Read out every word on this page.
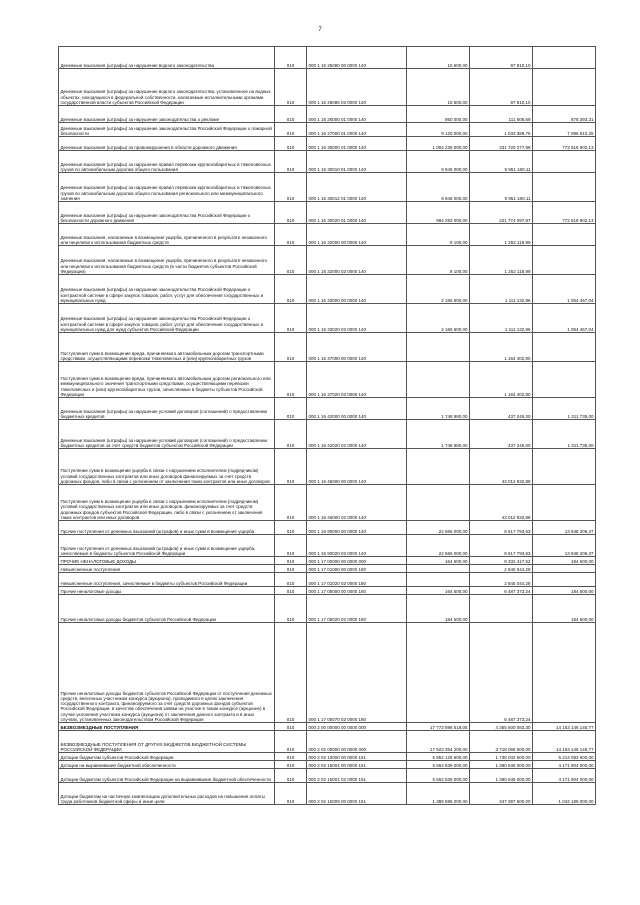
7
Денежные взыскания (штрафы) за нарушение водного законодательства	010	000 1 16 25080 00 0000 140	15 600,00	87 810,10	
Денежные взыскания (штрафы) за нарушение водного законодательства, установленное на водных объектах, находящихся в федеральной собственности, налагаемые исполнительными органами государственной власти субъектов Российской Федерации	010	000 1 16 25086 02 0000 140	15 600,00	87 810,10	
Денежные взыскания (штрафы) за нарушение законодательства о рекламе	010	000 1 16 26000 01 0000 140	950 000,00	111 606,69	878 393,31
Денежные взыскания (штрафы) за нарушение законодательства Российской Федерации о пожарной безопасности	010	000 1 16 27000 01 0000 140	9 120 000,00	1 033 389,75	7 086 610,25
Денежные взыскания (штрафы) за правонарушения в области дорожного движения	010	000 1 16 30000 01 0000 140	1 004 239 000,00	231 720 277,98	772 518 902,13
Денежные взыскания (штрафы) за нарушение правил перевозки крупногабаритных и тяжеловесных грузов по автомобильным дорогам общего пользования	010	000 1 16 30010 01 0000 140	9 946 000,00	9 951 180,11	
Денежные взыскания (штрафы) за нарушение правил перевозки крупногабаритных и тяжеловесных грузов по автомобильным дорогам общего пользования регионального или межмуниципального значения	010	000 1 16 30012 01 0000 140	9 946 000,00	9 951 180,11	
Денежные взыскания (штрафы) за нарушение законодательства Российской Федерации о безопасности дорожного движения	010	000 1 16 30020 01 0000 140	994 293 000,00	221 774 097,87	772 518 902,13
Денежные взыскания, налагаемые в возмещение ущерба, причиненного в результате незаконного или нецелевого использования бюджетных средств	010	000 1 16 32000 00 0000 140	8 100,00	1 252 118,99	
Денежные взыскания, налагаемые в возмещение ущерба, причиненного в результате незаконного или нецелевого использования бюджетных средств (в части бюджетов субъектов Российской Федерации)	010	000 1 16 32000 02 0000 140	8 100,00	1 252 118,99	
Денежные взыскания (штрафы) за нарушение законодательства Российской Федерации о контрактной системе в сфере закупок товаров, работ, услуг для обеспечения государственных и муниципальных нужд	010	000 1 16 33000 00 0000 140	2 165 600,00	1 111 132,96	1 054 467,04
Денежные взыскания (штрафы) за нарушение законодательства Российской Федерации о контрактной системе в сфере закупок товаров, работ, услуг для обеспечения государственных и муниципальных нужд для нужд субъектов Российской Федерации	010	000 1 16 33020 02 0000 140	2 165 600,00	1 111 132,96	1 054 467,04
Поступления сумм в возмещение вреда, причиняемого автомобильным дорогам транспортными средствами, осуществляющими перевозки тяжеловесных и (или) крупногабаритных грузов	010	000 1 16 37000 00 0000 140		1 164 402,80	
Поступления сумм в возмещение вреда, причиняемого автомобильным дорогам регионального или межмуниципального значения транспортными средствами, осуществляющими перевозки тяжеловесных и (или) крупногабаритных грузов, зачисляемые в бюджеты субъектов Российской Федерации	010	000 1 16 37020 02 0000 140		1 164 402,80	
Денежные взыскания (штрафы) за нарушение условий договоров (соглашений) о предоставлении бюджетных кредитов	010	000 1 16 42000 00 0000 140	1 748 980,00	437 245,00	1 311 735,00
Денежные взыскания (штрафы) за нарушение условий договоров (соглашений) о предоставлении бюджетных кредитов за счет средств бюджетов субъектов Российской Федерации	010	000 1 16 42020 02 0000 140	1 748 980,00	437 245,00	1 311 735,00
Поступление сумм в возмещение ущерба в связи с нарушением исполнителем (подрядчиком) условий государственных контрактов или иных договоров финансируемых за счет средств дорожных фондов, либо в связи с уклонением от заключения таких контрактов или иных договоров	010	000 1 16 46000 00 0000 140		43 012 932,88	
Поступление сумм в возмещение ущерба в связи с нарушением исполнителем (подрядчиком) условий государственных контрактов или иных договоров, финансируемых за счет средств дорожных фондов субъектов Российской Федерации, либо в связи с уклонением от заключения таких контрактов или иных договоров	010	000 1 16 46000 02 0000 140		43 012 932,88	
Прочие поступления от денежных взысканий (штрафов) и иных сумм в возмещение ущерба	010	000 1 16 90000 00 0000 140	22 566 000,00	8 617 793,63	13 948 206,37
Прочие поступления от денежных взысканий (штрафов) и иных сумм в возмещение ущерба, зачисляемые в бюджеты субъектов Российской Федерации	010	000 1 16 90020 02 0000 140	22 566 000,00	8 617 793,63	13 948 206,37
ПРОЧИЕ НЕНАЛОГОВЫЕ ДОХОДЫ	010	000 1 17 00000 00 0000 000	164 500,00	9 332 417,52	184 500,00
Невыясненные поступления	010	000 1 17 01000 00 0000 180		2 845 044,28	
Невыясненные поступления, зачисляемые в бюджеты субъектов Российской Федерации	010	000 1 17 01020 02 0000 180		2 845 044,28	
Прочие неналоговые доходы	010	000 1 17 05000 00 0000 180	164 500,00	6 487 373,24	184 500,00
Прочие неналоговые доходы бюджетов субъектов Российской Федерации	010	000 1 17 05020 02 0000 180	184 500,00		184 500,00
Прочие неналоговые доходы бюджетов субъектов Российской Федерации от поступления денежных средств, внесенных участником конкурса (аукциона), проводимого в целях заключения государственного контракта, финансируемого за счет средств дорожных фондов субъектов Российской Федерации, в качестве обеспечения заявки на участие в таком конкурсе (аукционе) в случае уклонения участника конкурса (аукциона) от заключения данного контракта и в иных случаях, установленных законодательством Российской Федерации	010	000 1 17 05070 02 0000 180		6 487 373,24	
БЕЗВОЗМЕЗДНЫЕ ПОСТУПЛЕНИЯ	010	000 2 00 00000 00 0000 000	17 773 898 518,05	4 355 600 083,30	14 153 146 145,77
БЕЗВОЗМЕЗДНЫЕ ПОСТУПЛЕНИЯ ОТ ДРУГИХ БЮДЖЕТОВ БЮДЖЕТНОЙ СИСТЕМЫ РОССИЙСКОЙ ФЕДЕРАЦИИ	010	000 2 02 00000 00 0000 000	17 522 354 200,00	3 718 066 600,00	14 153 146 145,77
Дотации бюджетам субъектов Российской Федерации	010	000 2 02 10000 00 0000 151	6 952 125 600,00	1 738 032 600,00	5 214 093 600,00
Дотации на выравнивание бюджетной обеспеченности	010	000 2 02 15001 00 0000 151	5 562 539 000,00	1 390 635 000,00	4 171 904 000,00
Дотации бюджетам субъектов Российской Федерации на выравнивание бюджетной обеспеченности	010	000 2 02 15001 02 0000 151	5 562 539 000,00	1 390 635 000,00	4 171 904 000,00
Дотации бюджетам на частичную компенсацию дополнительных расходов на повышение оплаты труда работников бюджетной сферы и иные цели	010	000 2 02 15009 00 0000 151	1 389 586 200,00	347 397 600,00	1 042 189 000,00
